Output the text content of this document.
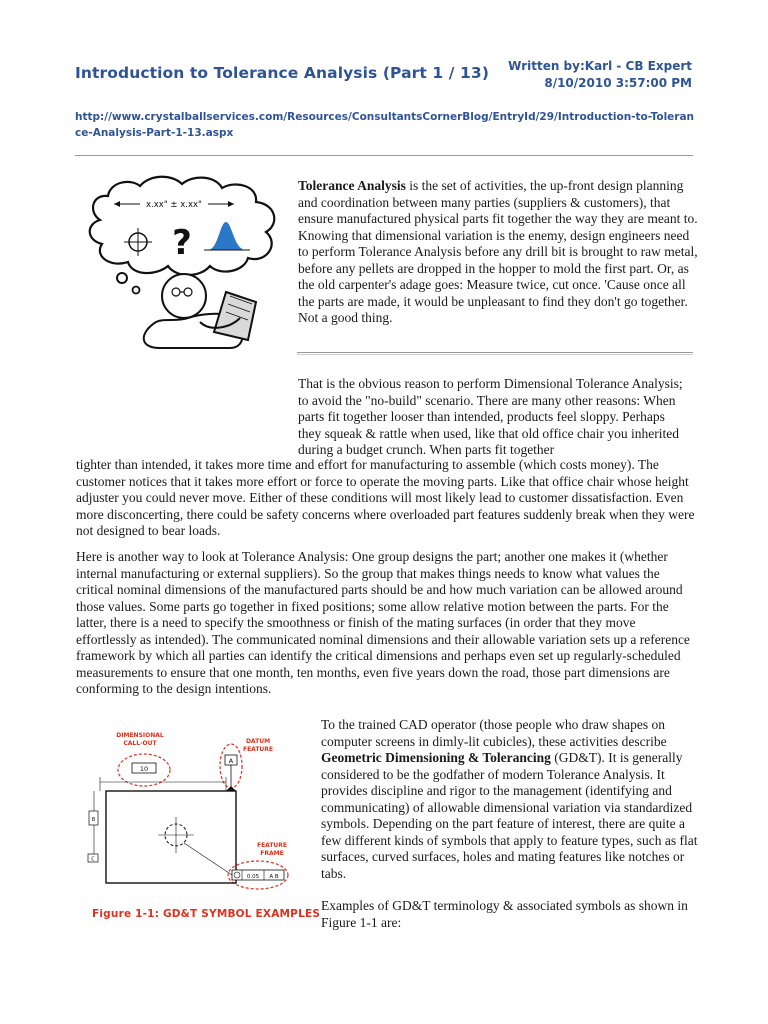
Introduction to Tolerance Analysis (Part 1 / 13) Written by:Karl - CB Expert
8/10/2010 3:57:00 PM
http://www.crystalballservices.com/Resources/ConsultantsCornerBlog/EntryId/29/Introduction-to-Tolerance-Analysis-Part-1-13.aspx
x.xx" ± x.xx"
?
Tolerance Analysis is the set of activities, the up-front design planning and coordination between many parties (suppliers & customers), that ensure manufactured physical parts fit together the way they are meant to. Knowing that dimensional variation is the enemy, design engineers need to perform Tolerance Analysis before any drill bit is brought to raw metal, before any pellets are dropped in the hopper to mold the first part. Or, as the old carpenter's adage goes: Measure twice, cut once. 'Cause once all the parts are made, it would be unpleasant to find they don't go together. Not a good thing.
That is the obvious reason to perform Dimensional Tolerance Analysis; to avoid the "no-build" scenario. There are many other reasons: When parts fit together looser than intended, products feel sloppy. Perhaps they squeak & rattle when used, like that old office chair you inherited during a budget crunch. When parts fit together
tighter than intended, it takes more time and effort for manufacturing to assemble (which costs money). The customer notices that it takes more effort or force to operate the moving parts. Like that office chair whose height adjuster you could never move. Either of these conditions will most likely lead to customer dissatisfaction. Even more disconcerting, there could be safety concerns where overloaded part features suddenly break when they were not designed to bear loads.
Here is another way to look at Tolerance Analysis: One group designs the part; another one makes it (whether internal manufacturing or external suppliers). So the group that makes things needs to know what values the critical nominal dimensions of the manufactured parts should be and how much variation can be allowed around those values. Some parts go together in fixed positions; some allow relative motion between the parts. For the latter, there is a need to specify the smoothness or finish of the mating surfaces (in order that they move effortlessly as intended). The communicated nominal dimensions and their allowable variation sets up a reference framework by which all parties can identify the critical dimensions and perhaps even set up regularly-scheduled measurements to ensure that one month, ten months, even five years down the road, those part dimensions are conforming to the design intentions.
DIMENSIONAL
CALL-OUT	DATUM
FEATURE
FEATURE
FRAME
10
A
B
C
0.05 A B
Figure 1-1: GD&T SYMBOL EXAMPLES
To the trained CAD operator (those people who draw shapes on computer screens in dimly-lit cubicles), these activities describe Geometric Dimensioning & Tolerancing (GD&T). It is generally considered to be the godfather of modern Tolerance Analysis. It provides discipline and rigor to the management (identifying and communicating) of allowable dimensional variation via standardized symbols. Depending on the part feature of interest, there are quite a few different kinds of symbols that apply to feature types, such as flat surfaces, curved surfaces, holes and mating features like notches or tabs.
Examples of GD&T terminology & associated symbols as shown in Figure 1-1 are:
